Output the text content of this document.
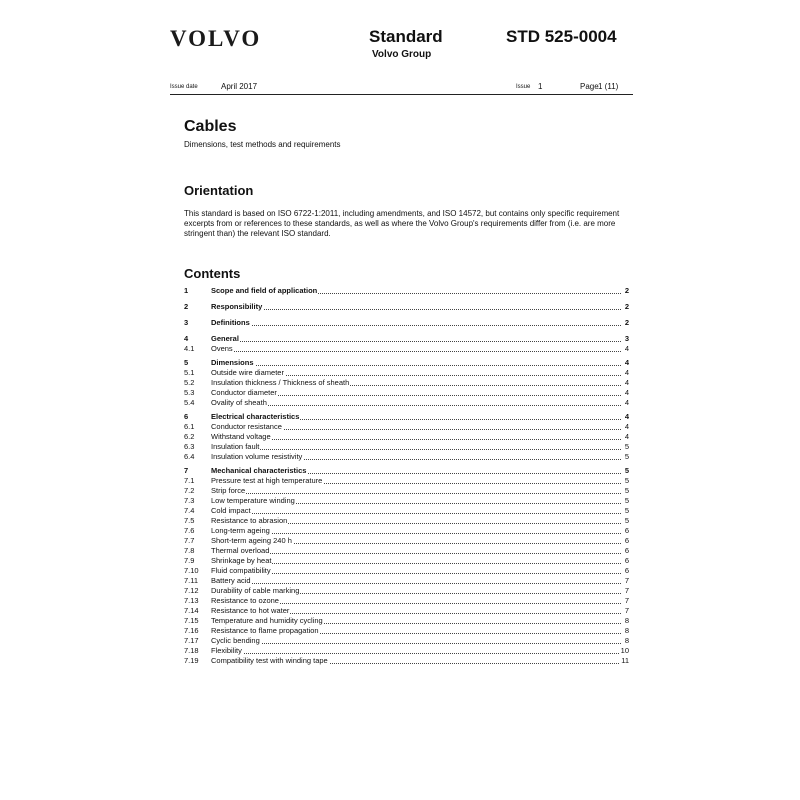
VOLVO	Standard
Volvo Group
STD 525-0004
Issue date	April 2017	Issue 1	Page 1 (11)
Cables
Dimensions, test methods and requirements
Orientation
This standard is based on ISO 6722-1:2011, including amendments, and ISO 14572, but contains only specific requirement excerpts from or references to these standards, as well as where the Volvo Group's requirements differ from (i.e. are more stringent than) the relevant ISO standard.
Contents
1	Scope and field of application	2
2	Responsibility	2
3	Definitions	2
4	General	3
4.1 Ovens	4
5	Dimensions	4
5.1 Outside wire diameter	4
5.2 Insulation thickness / Thickness of sheath	4
5.3 Conductor diameter	4
5.4 Ovality of sheath	4
6	Electrical characteristics	4
6.1 Conductor resistance	4
6.2 Withstand voltage	4
6.3 Insulation fault	5
6.4 Insulation volume resistivity	5
7	Mechanical characteristics	5
7.1 Pressure test at high temperature	5
7.2 Strip force	5
7.3 Low temperature winding	5
7.4 Cold impact	5
7.5 Resistance to abrasion	5
7.6 Long-term ageing	6
7.7 Short-term ageing 240 h	6
7.8 Thermal overload	6
7.9 Shrinkage by heat	6
7.10 Fluid compatibility	6
7.11 Battery acid	7
7.12 Durability of cable marking	7
7.13 Resistance to ozone	7
7.14 Resistance to hot water	7
7.15 Temperature and humidity cycling	8
7.16 Resistance to flame propagation	8
7.17 Cyclic bending	8
7.18 Flexibility	10
7.19 Compatibility test with winding tape	11
